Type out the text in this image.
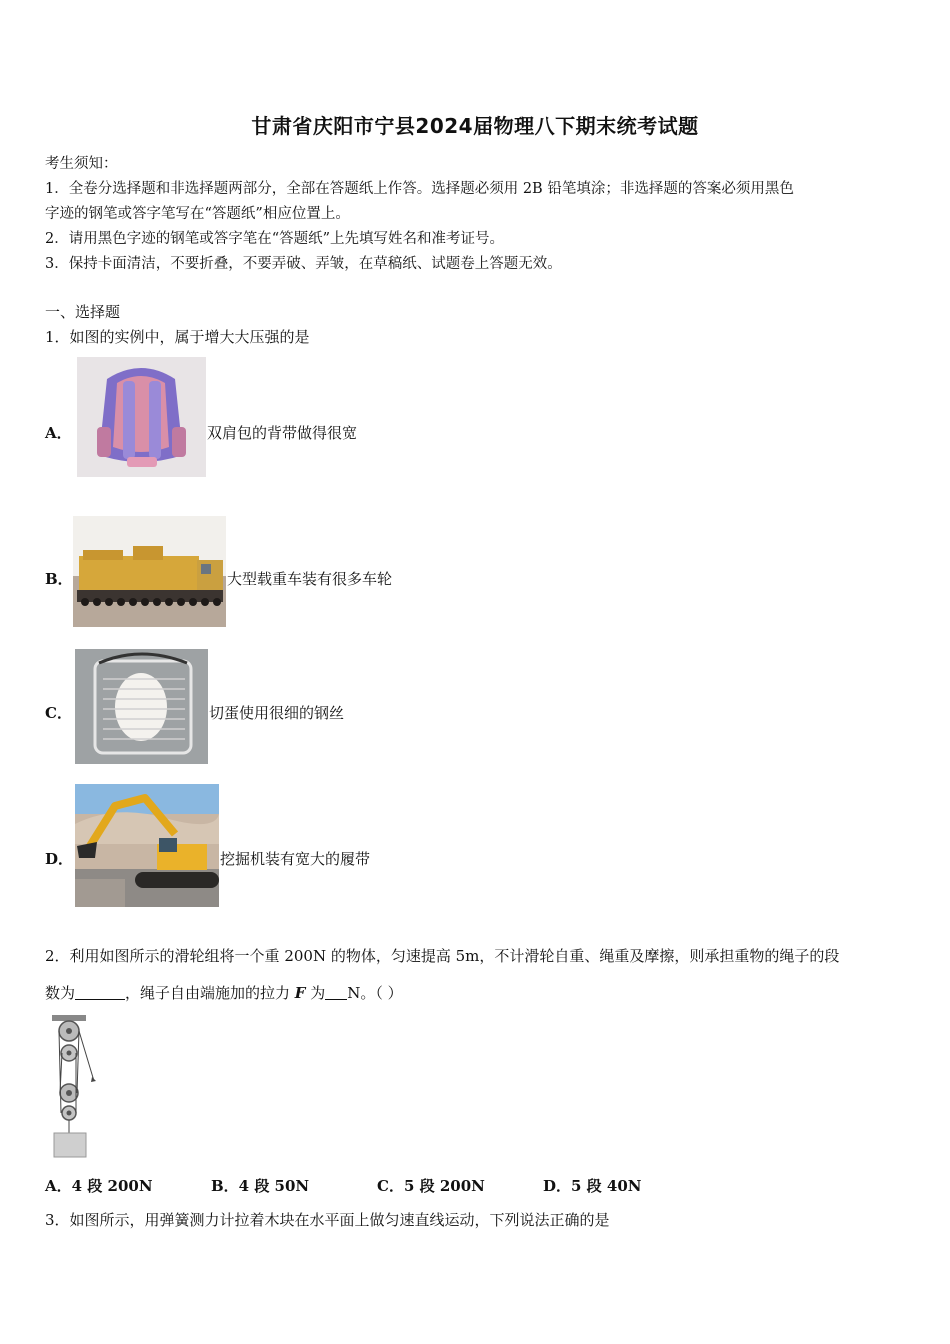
甘肃省庆阳市宁县2024届物理八下期末统考试题
考生须知：
1．全卷分选择题和非选择题两部分，全部在答题纸上作答。选择题必须用 2B 铅笔填涂；非选择题的答案必须用黑色
字迹的钢笔或答字笔写在“答题纸”相应位置上。
2．请用黑色字迹的钢笔或答字笔在“答题纸”上先填写姓名和准考证号。
3．保持卡面清洁，不要折叠，不要弄破、弄皱，在草稿纸、试题卷上答题无效。
一、选择题
1．如图的实例中，属于增大大压强的是
A．	双肩包的背带做得很宽
B．	大型载重车装有很多车轮
C．	切蛋使用很细的钢丝
D．	挖掘机装有宽大的履带
2．利用如图所示的滑轮组将一个重 200N 的物体，匀速提高 5m，不计滑轮自重、绳重及摩擦，则承担重物的绳子的段
数为	，绳子自由端施加的拉力 F 为 N。（ ）
A．4 段 200N	B．4 段 50N	C．5 段 200N	D．5 段 40N
3．如图所示，用弹簧测力计拉着木块在水平面上做匀速直线运动，下列说法正确的是
